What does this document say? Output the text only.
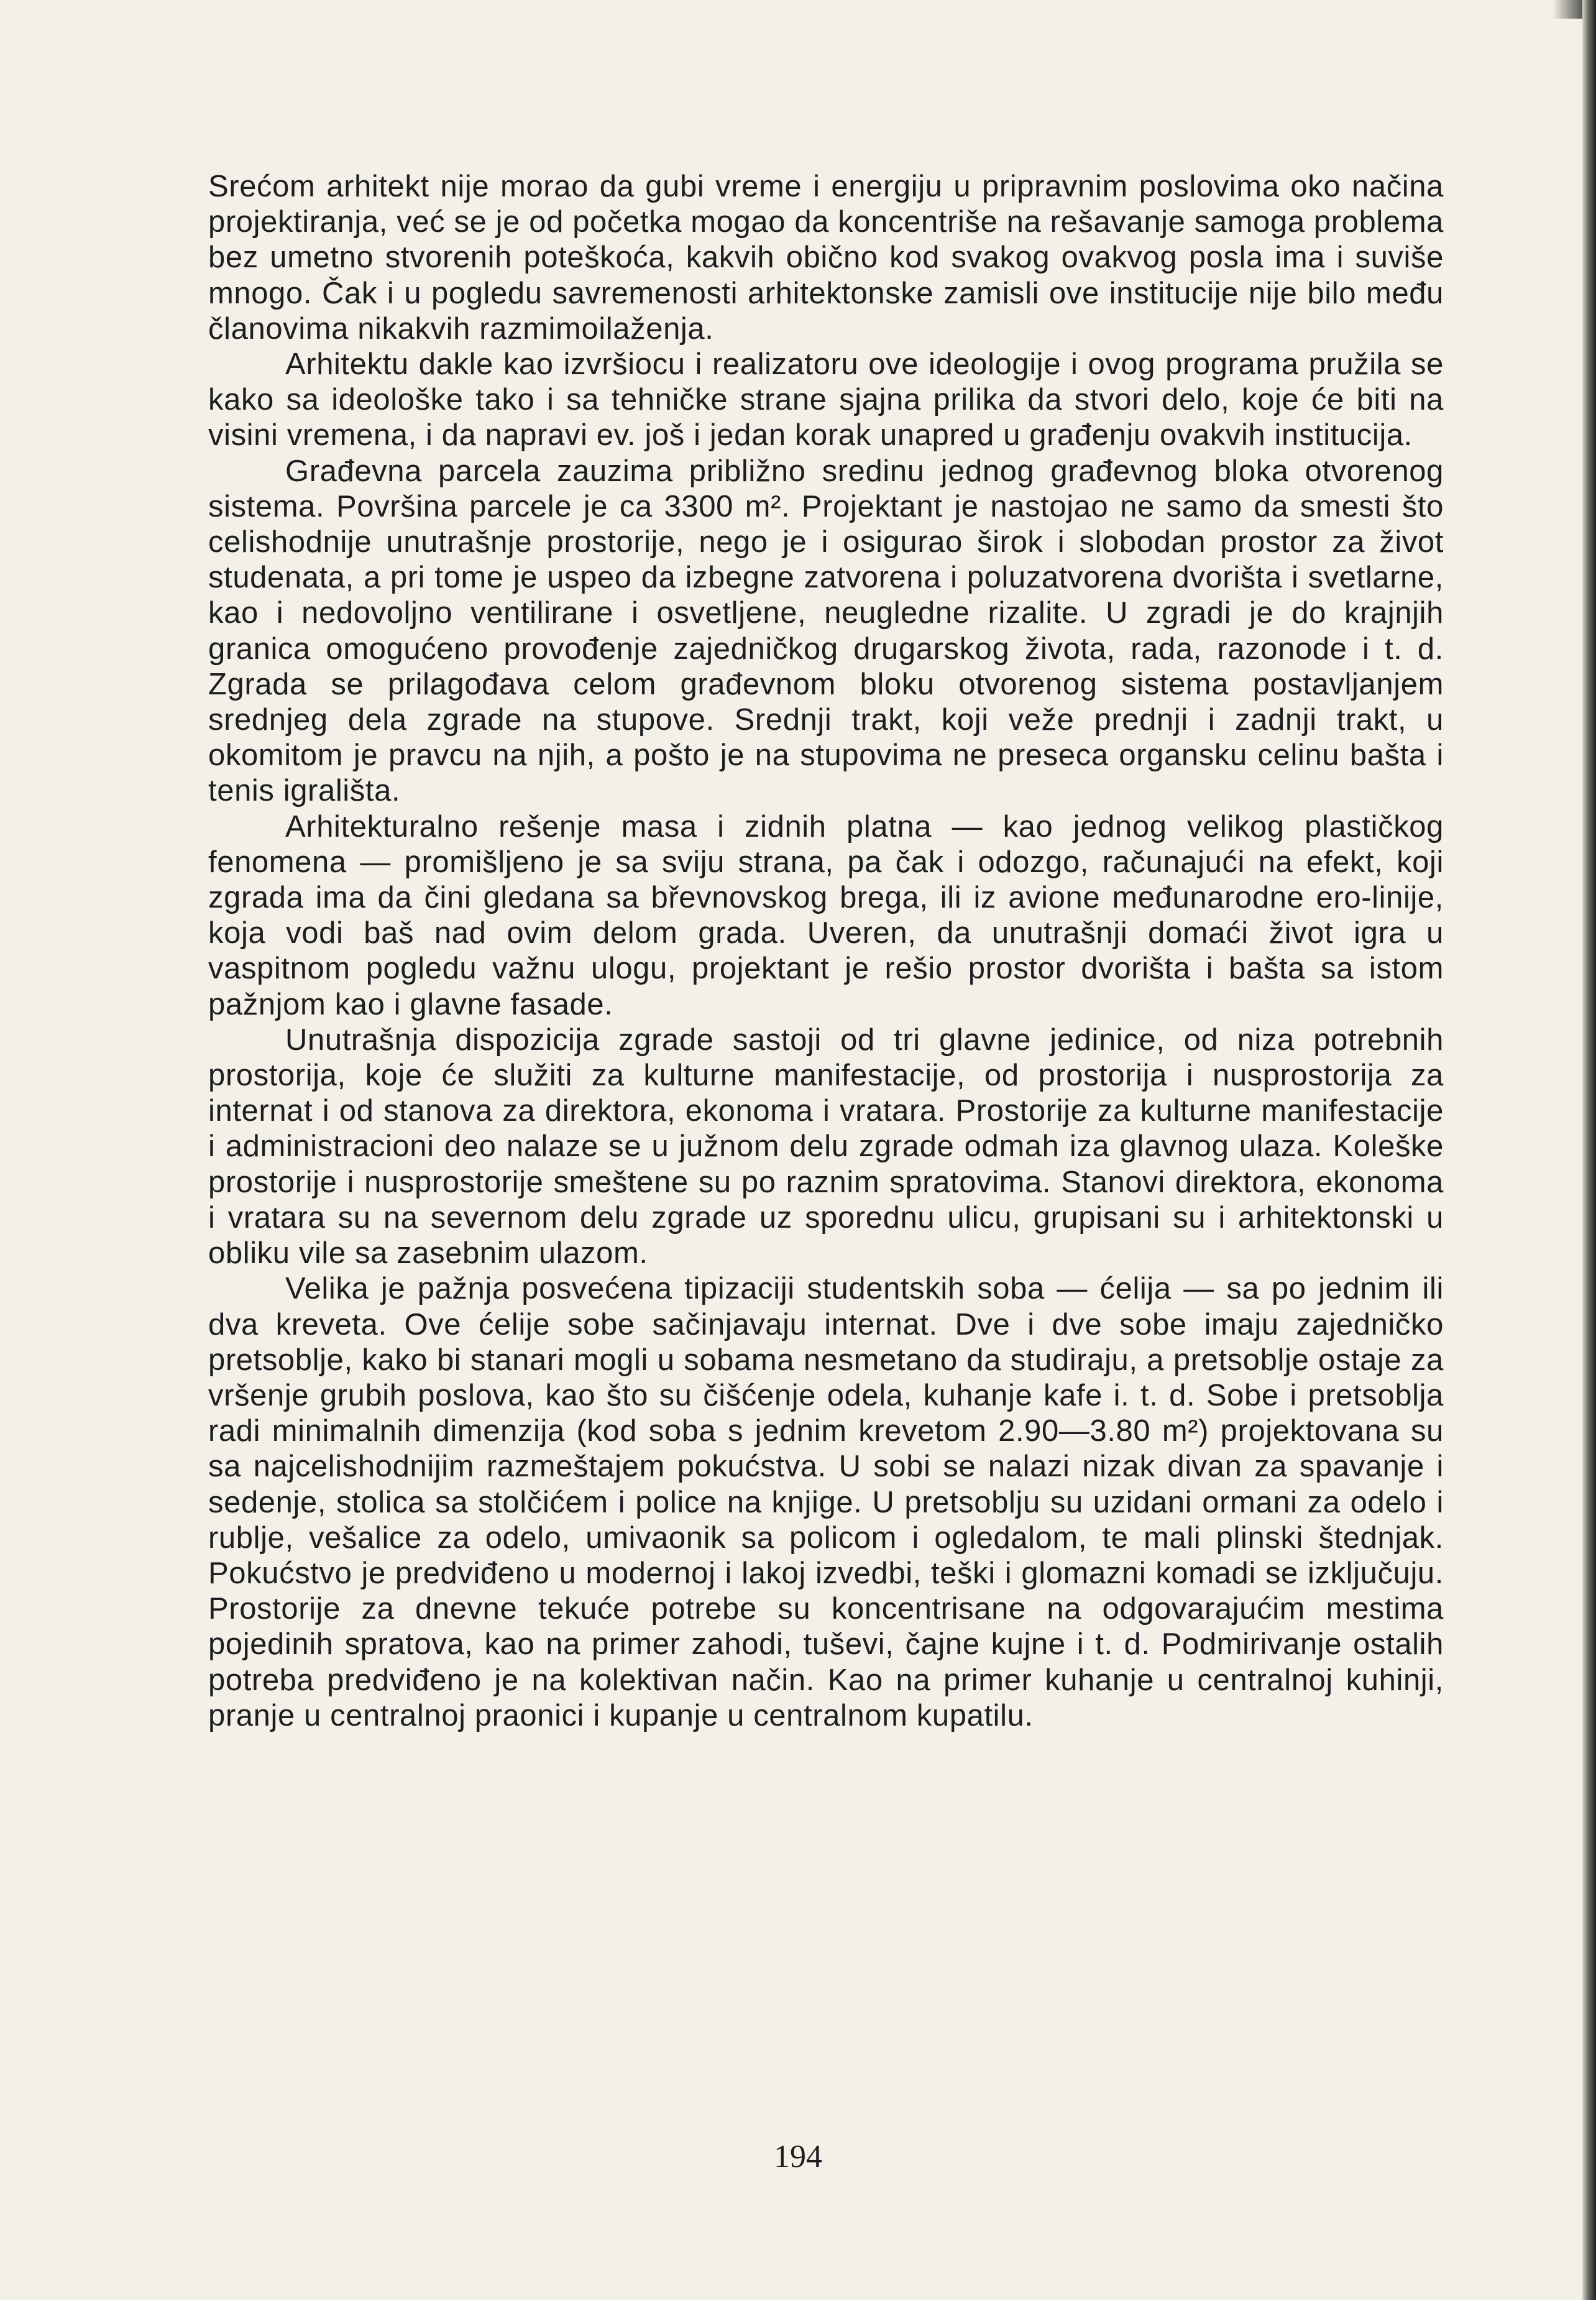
Srećom arhitekt nije morao da gubi vreme i energiju u pripravnim poslovima oko načina projektiranja, već se je od početka mogao da koncentriše na rešavanje samoga problema bez umetno stvorenih poteškoća, kakvih obično kod svakog ovakvog posla ima i suviše mnogo. Čak i u pogledu savremenosti arhitektonske zamisli ove institucije nije bilo među članovima nikakvih razmimoilaženja.

Arhitektu dakle kao izvršiocu i realizatoru ove ideologije i ovog programa pružila se kako sa ideološke tako i sa tehničke strane sjajna prilika da stvori delo, koje će biti na visini vremena, i da napravi ev. još i jedan korak unapred u građenju ovakvih institucija.

Građevna parcela zauzima približno sredinu jednog građevnog bloka otvorenog sistema. Površina parcele je ca 3300 m². Projektant je nastojao ne samo da smesti što celishodnije unutrašnje prostorije, nego je i osigurao širok i slobodan prostor za život studenata, a pri tome je uspeo da izbegne zatvorena i poluzatvorena dvorišta i svetlarne, kao i nedovoljno ventilirane i osvetljene, neugledne rizalite. U zgradi je do krajnjih granica omogućeno provođenje zajedničkog drugarskog života, rada, razonode i t. d. Zgrada se prilagođava celom građevnom bloku otvorenog sistema postavljanjem srednjeg dela zgrade na stupove. Srednji trakt, koji veže prednji i zadnji trakt, u okomitom je pravcu na njih, a pošto je na stupovima ne preseca organsku celinu bašta i tenis igrališta.

Arhitekturalno rešenje masa i zidnih platna — kao jednog velikog plastičkog fenomena — promišljeno je sa sviju strana, pa čak i odozgo, računajući na efekt, koji zgrada ima da čini gledana sa břevnovskog brega, ili iz avione međunarodne ero-linije, koja vodi baš nad ovim delom grada. Uveren, da unutrašnji domaći život igra u vaspitnom pogledu važnu ulogu, projektant je rešio prostor dvorišta i bašta sa istom pažnjom kao i glavne fasade.

Unutrašnja dispozicija zgrade sastoji od tri glavne jedinice, od niza potrebnih prostorija, koje će služiti za kulturne manifestacije, od prostorija i nusprostorija za internat i od stanova za direktora, ekonoma i vratara. Prostorije za kulturne manifestacije i administracioni deo nalaze se u južnom delu zgrade odmah iza glavnog ulaza. Koleške prostorije i nusprostorije smeštene su po raznim spratovima. Stanovi direktora, ekonoma i vratara su na severnom delu zgrade uz sporednu ulicu, grupisani su i arhitektonski u obliku vile sa zasebnim ulazom.

Velika je pažnja posvećena tipizaciji studentskih soba — ćelija — sa po jednim ili dva kreveta. Ove ćelije sobe sačinjavaju internat. Dve i dve sobe imaju zajedničko pretsoblje, kako bi stanari mogli u sobama nesmetano da studiraju, a pretsoblje ostaje za vršenje grubih poslova, kao što su čišćenje odela, kuhanje kafe i. t. d. Sobe i pretsoblja radi minimalnih dimenzija (kod soba s jednim krevetom 2.90—3.80 m²) projektovana su sa najcelishodnijim razmeštajem pokućstva. U sobi se nalazi nizak divan za spavanje i sedenje, stolica sa stolčićem i police na knjige. U pretsoblju su uzidani ormani za odelo i rublje, vešalice za odelo, umivaonik sa policom i ogledalom, te mali plinski štednjak. Pokućstvo je predviđeno u modernoj i lakoj izvedbi, teški i glomazni komadi se izključuju. Prostorije za dnevne tekuće potrebe su koncentrisane na odgovarajućim mestima pojedinih spratova, kao na primer zahodi, tuševi, čajne kujne i t. d. Podmirivanje ostalih potreba predviđeno je na kolektivan način. Kao na primer kuhanje u centralnoj kuhinji, pranje u centralnoj praonici i kupanje u centralnom kupatilu.

194
